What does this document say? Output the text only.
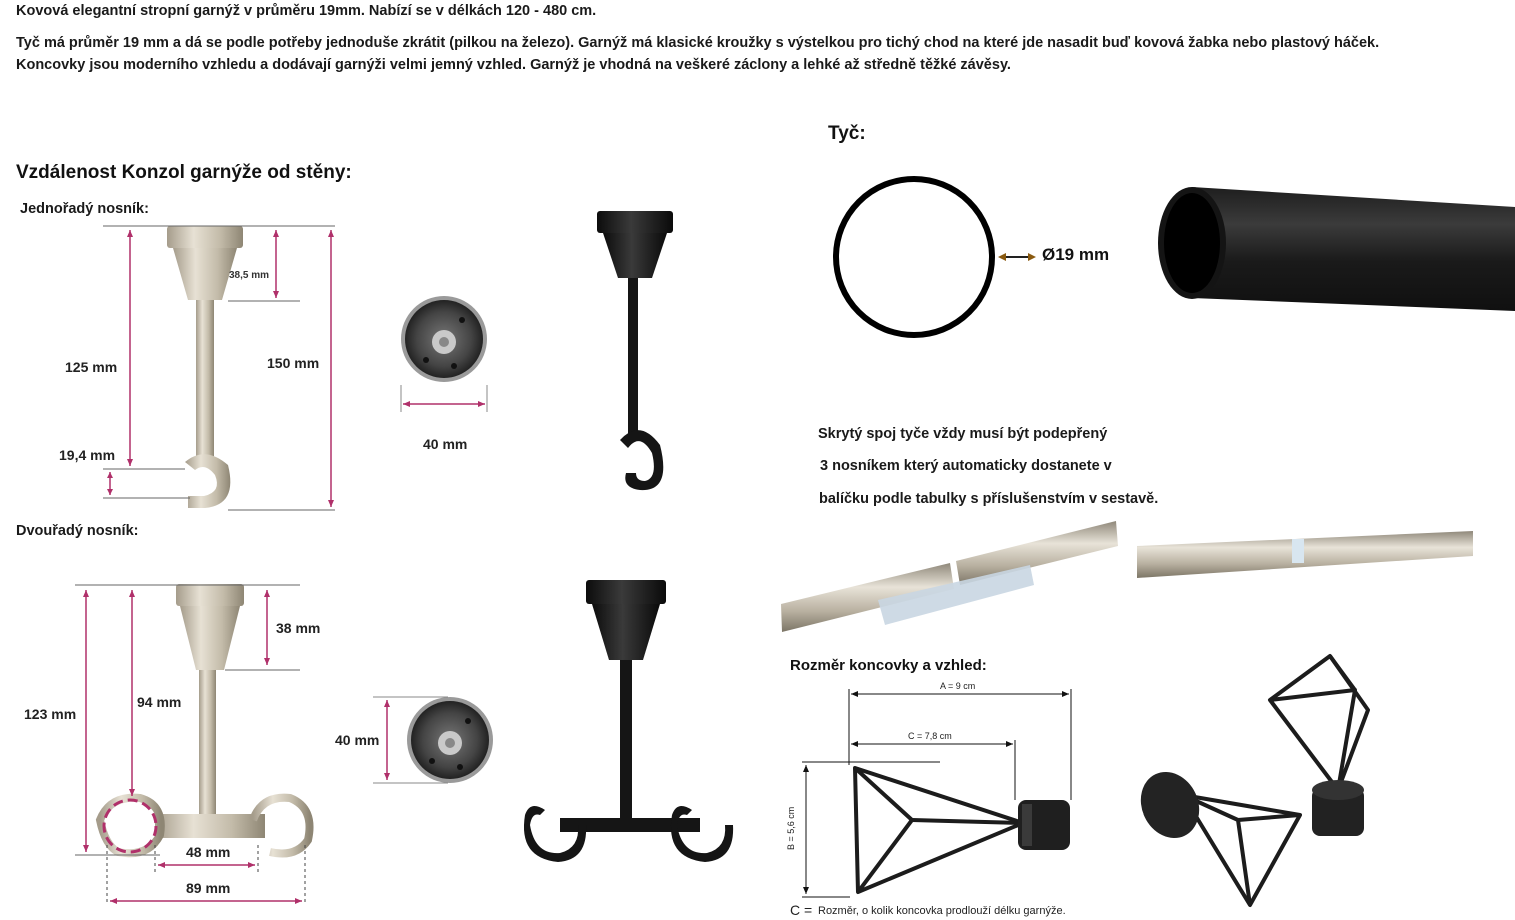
Kovová elegantní stropní garnýž v průměru 19mm. Nabízí se v délkách 120 - 480 cm.
Tyč má průměr 19 mm a dá se podle potřeby jednoduše zkrátit (pilkou na železo). Garnýž má klasické kroužky s výstelkou pro tichý chod na které jde nasadit buď kovová žabka nebo plastový háček.
Koncovky jsou moderního vzhledu a dodávají garnýži velmi jemný vzhled. Garnýž je vhodná na veškeré záclony a lehké až středně těžké závěsy.
Vzdálenost Konzol garnýže od stěny:
Jednořadý nosník:
38,5 mm
125 mm	150 mm
19,4 mm
40 mm
Dvouřadý nosník:
123 mm
94 mm
38 mm
40 mm
48 mm
89 mm
Tyč:
Ø19 mm
Skrytý spoj tyče vždy musí být podepřený
3 nosníkem který automaticky dostanete v
balíčku podle tabulky s příslušenstvím v sestavě.
Rozměr koncovky a vzhled:
A = 9 cm
C = 7,8 cm
B = 5,6 cm
C = Rozměr, o kolik koncovka prodlouží délku garnýže.
